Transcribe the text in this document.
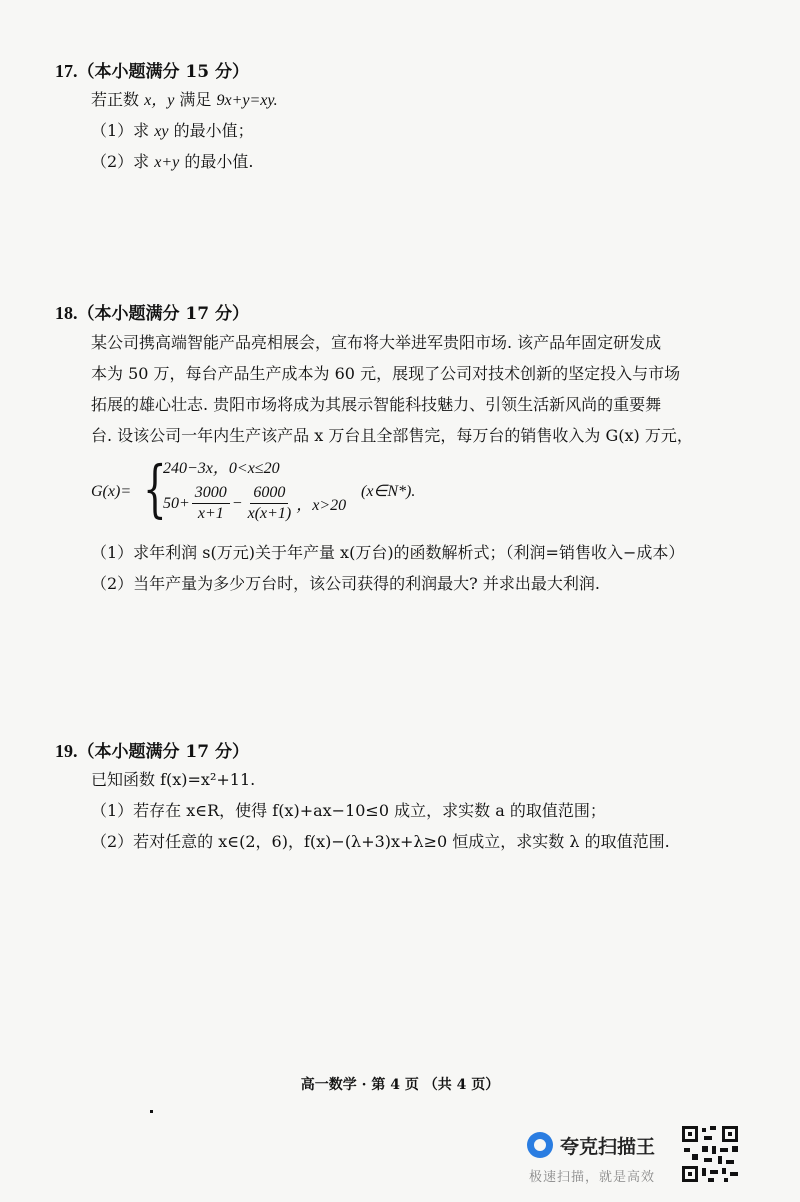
17.（本小题满分 15 分）
若正数 x，y 满足 9x+y=xy.
（1）求 xy 的最小值；
（2）求 x+y 的最小值.
18.（本小题满分 17 分）
某公司携高端智能产品亮相展会，宣布将大举进军贵阳市场. 该产品年固定研发成
本为 50 万，每台产品生产成本为 60 元，展现了公司对技术创新的坚定投入与市场
拓展的雄心壮志. 贵阳市场将成为其展示智能科技魅力、引领生活新风尚的重要舞
台. 设该公司一年内生产该产品 x 万台且全部售完，每万台的销售收入为 G(x) 万元，
G(x)= {
240−3x，0<x≤20
$50+ \frac{3000}{x+1} - \frac{6000}{x(x+1)}$ ，x>20
(x∈N*).
（1）求年利润 s(万元)关于年产量 x(万台)的函数解析式；（利润=销售收入−成本）
（2）当年产量为多少万台时，该公司获得的利润最大? 并求出最大利润.
19.（本小题满分 17 分）
已知函数 f(x)=x²+11.
（1）若存在 x∈R，使得 f(x)+ax−10≤0 成立，求实数 a 的取值范围；
（2）若对任意的 x∈(2，6)，f(x)−(λ+3)x+λ≥0 恒成立，求实数 λ 的取值范围.
高一数学 · 第 4 页 （共 4 页）
夸克扫描王
极速扫描，就是高效
